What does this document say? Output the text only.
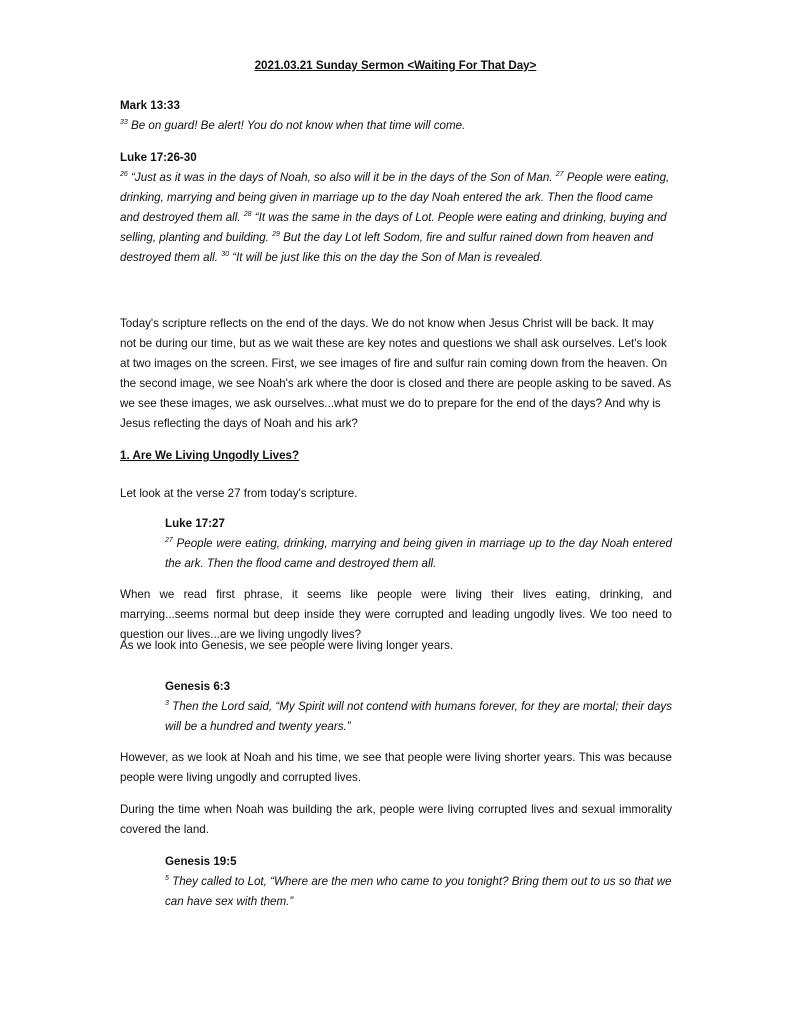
2021.03.21 Sunday Sermon <Waiting For That Day>
Mark 13:33
$^{33}$ Be on guard! Be alert! You do not know when that time will come.
Luke 17:26-30
$^{26}$ “Just as it was in the days of Noah, so also will it be in the days of the Son of Man. $^{27}$ People were eating, drinking, marrying and being given in marriage up to the day Noah entered the ark. Then the flood came and destroyed them all. $^{28}$ “It was the same in the days of Lot. People were eating and drinking, buying and selling, planting and building. $^{29}$ But the day Lot left Sodom, fire and sulfur rained down from heaven and destroyed them all. $^{30}$ “It will be just like this on the day the Son of Man is revealed.
Today's scripture reflects on the end of the days. We do not know when Jesus Christ will be back. It may not be during our time, but as we wait these are key notes and questions we shall ask ourselves. Let's look at two images on the screen. First, we see images of fire and sulfur rain coming down from the heaven. On the second image, we see Noah's ark where the door is closed and there are people asking to be saved. As we see these images, we ask ourselves...what must we do to prepare for the end of the days? And why is Jesus reflecting the days of Noah and his ark?
1. Are We Living Ungodly Lives?
Let look at the verse 27 from today's scripture.
Luke 17:27
$^{27}$ People were eating, drinking, marrying and being given in marriage up to the day Noah entered the ark. Then the flood came and destroyed them all.
When we read first phrase, it seems like people were living their lives eating, drinking, and marrying...seems normal but deep inside they were corrupted and leading ungodly lives. We too need to question our lives...are we living ungodly lives?
As we look into Genesis, we see people were living longer years.
Genesis 6:3
$^3$ Then the Lord said, “My Spirit will not contend with humans forever, for they are mortal; their days will be a hundred and twenty years.”
However, as we look at Noah and his time, we see that people were living shorter years. This was because people were living ungodly and corrupted lives.
During the time when Noah was building the ark, people were living corrupted lives and sexual immorality covered the land.
Genesis 19:5
$^5$ They called to Lot, “Where are the men who came to you tonight? Bring them out to us so that we can have sex with them.”
